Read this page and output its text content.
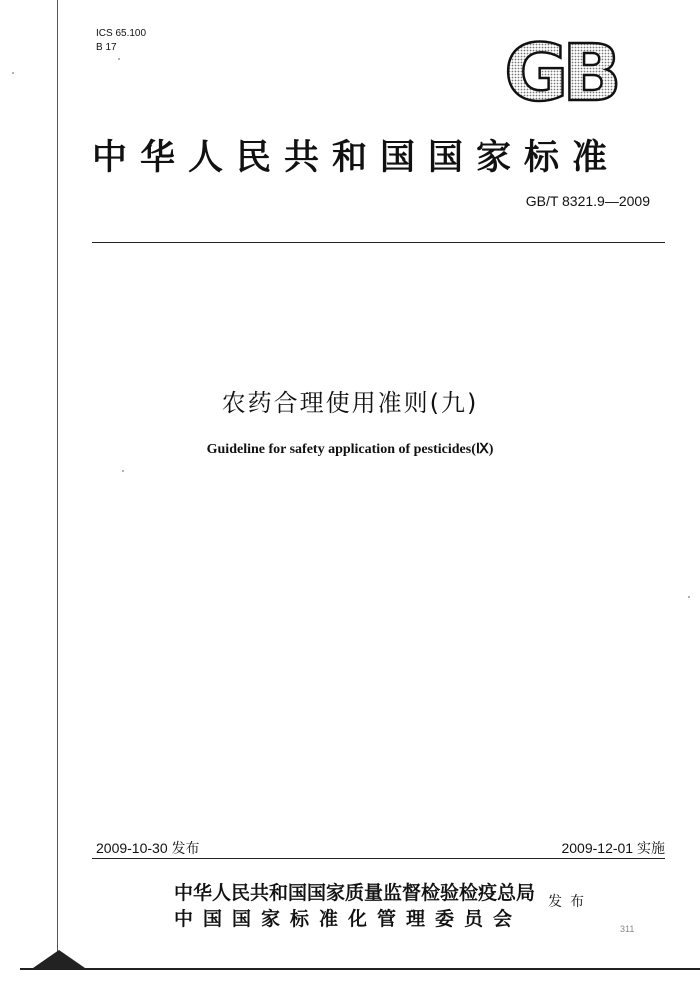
ICS 65.100
B 17	GB
中华人民共和国国家标准
GB/T 8321.9—2009
农药合理使用准则(九)
Guideline for safety application of pesticides(Ⅸ)
2009-10-30 发布	2009-12-01 实施
中华人民共和国国家质量监督检验检疫总局
中国国家标准化管理委员会
发布
311
